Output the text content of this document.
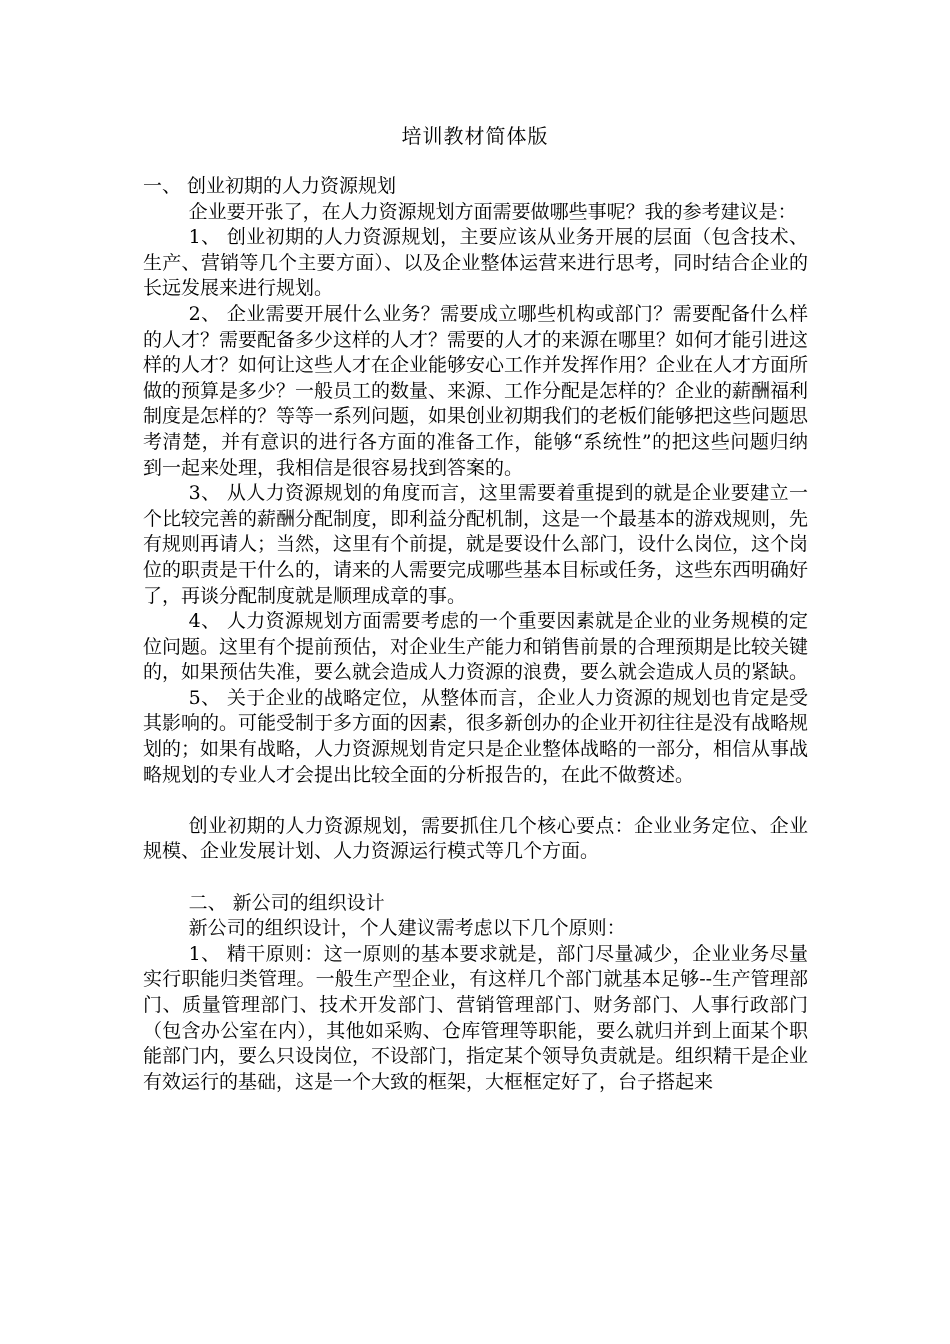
培训教材简体版

一、 创业初期的人力资源规划

企业要开张了，在人力资源规划方面需要做哪些事呢？我的参考建议是：

1、 创业初期的人力资源规划，主要应该从业务开展的层面（包含技术、生产、营销等几个主要方面）、以及企业整体运营来进行思考，同时结合企业的长远发展来进行规划。

2、 企业需要开展什么业务？需要成立哪些机构或部门？需要配备什么样的人才？需要配备多少这样的人才？需要的人才的来源在哪里？如何才能引进这样的人才？如何让这些人才在企业能够安心工作并发挥作用？企业在人才方面所做的预算是多少？一般员工的数量、来源、工作分配是怎样的？企业的薪酬福利制度是怎样的？等等一系列问题，如果创业初期我们的老板们能够把这些问题思考清楚，并有意识的进行各方面的准备工作，能够“系统性”的把这些问题归纳到一起来处理，我相信是很容易找到答案的。

3、 从人力资源规划的角度而言，这里需要着重提到的就是企业要建立一个比较完善的薪酬分配制度，即利益分配机制，这是一个最基本的游戏规则，先有规则再请人；当然，这里有个前提，就是要设什么部门，设什么岗位，这个岗位的职责是干什么的，请来的人需要完成哪些基本目标或任务，这些东西明确好了，再谈分配制度就是顺理成章的事。

4、 人力资源规划方面需要考虑的一个重要因素就是企业的业务规模的定位问题。这里有个提前预估，对企业生产能力和销售前景的合理预期是比较关键的，如果预估失准，要么就会造成人力资源的浪费，要么就会造成人员的紧缺。

5、 关于企业的战略定位，从整体而言，企业人力资源的规划也肯定是受其影响的。可能受制于多方面的因素，很多新创办的企业开初往往是没有战略规划的；如果有战略，人力资源规划肯定只是企业整体战略的一部分，相信从事战略规划的专业人才会提出比较全面的分析报告的，在此不做赘述。

创业初期的人力资源规划，需要抓住几个核心要点：企业业务定位、企业规模、企业发展计划、人力资源运行模式等几个方面。

二、 新公司的组织设计

新公司的组织设计，个人建议需考虑以下几个原则：

1、 精干原则：这一原则的基本要求就是，部门尽量减少，企业业务尽量实行职能归类管理。一般生产型企业，有这样几个部门就基本足够--生产管理部门、质量管理部门、技术开发部门、营销管理部门、财务部门、人事行政部门（包含办公室在内），其他如采购、仓库管理等职能，要么就归并到上面某个职能部门内，要么只设岗位，不设部门，指定某个领导负责就是。组织精干是企业有效运行的基础，这是一个大致的框架，大框框定好了，台子搭起来
